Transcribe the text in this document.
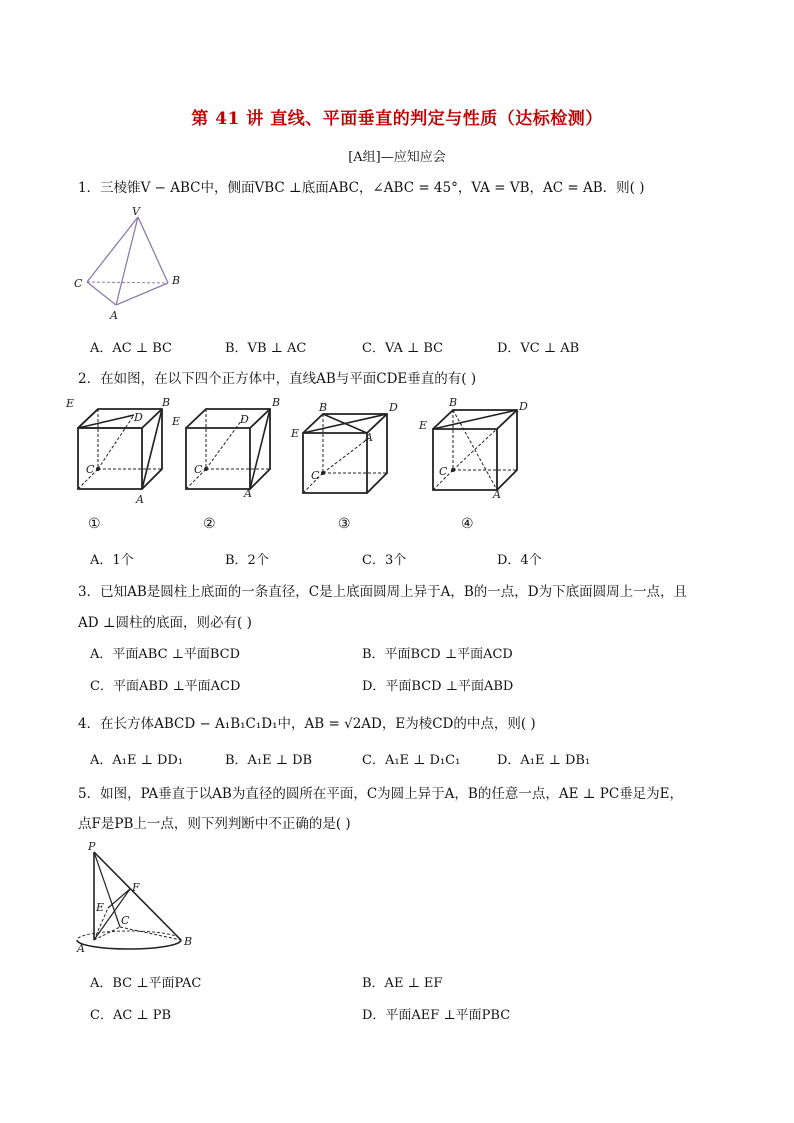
第 41 讲 直线、平面垂直的判定与性质（达标检测）
[A组]—应知应会
1．三棱锥V − ABC中，侧面VBC ⊥底面ABC，∠ABC = 45°，VA = VB，AC = AB．则( )
V
C	B
A
A．AC ⊥ BC	B．VB ⊥ AC	C．VA ⊥ BC	D．VC ⊥ AB
2．在如图，在以下四个正方体中，直线AB与平面CDE垂直的有( )
E	B
D
C
A
E
B
D
C
A
B	D
E	A
C
B	D
E
C
A
①	②	③	④
A．1个	B．2个	C．3个	D．4个
3．已知AB是圆柱上底面的一条直径，C是上底面圆周上异于A，B的一点，D为下底面圆周上一点，且
AD ⊥圆柱的底面，则必有( )
A．平面ABC ⊥平面BCD	B．平面BCD ⊥平面ACD
C．平面ABD ⊥平面ACD	D．平面BCD ⊥平面ABD
4．在长方体ABCD − A₁B₁C₁D₁中，AB = √2AD，E为棱CD的中点，则( )
A．A₁E ⊥ DD₁	B．A₁E ⊥ DB	C．A₁E ⊥ D₁C₁	D．A₁E ⊥ DB₁
5．如图，PA垂直于以AB为直径的圆所在平面，C为圆上异于A，B的任意一点，AE ⊥ PC垂足为E，
点F是PB上一点，则下列判断中不正确的是( )
P
F
E
C
A
B
A．BC ⊥平面PAC	B．AE ⊥ EF
C．AC ⊥ PB	D．平面AEF ⊥平面PBC
